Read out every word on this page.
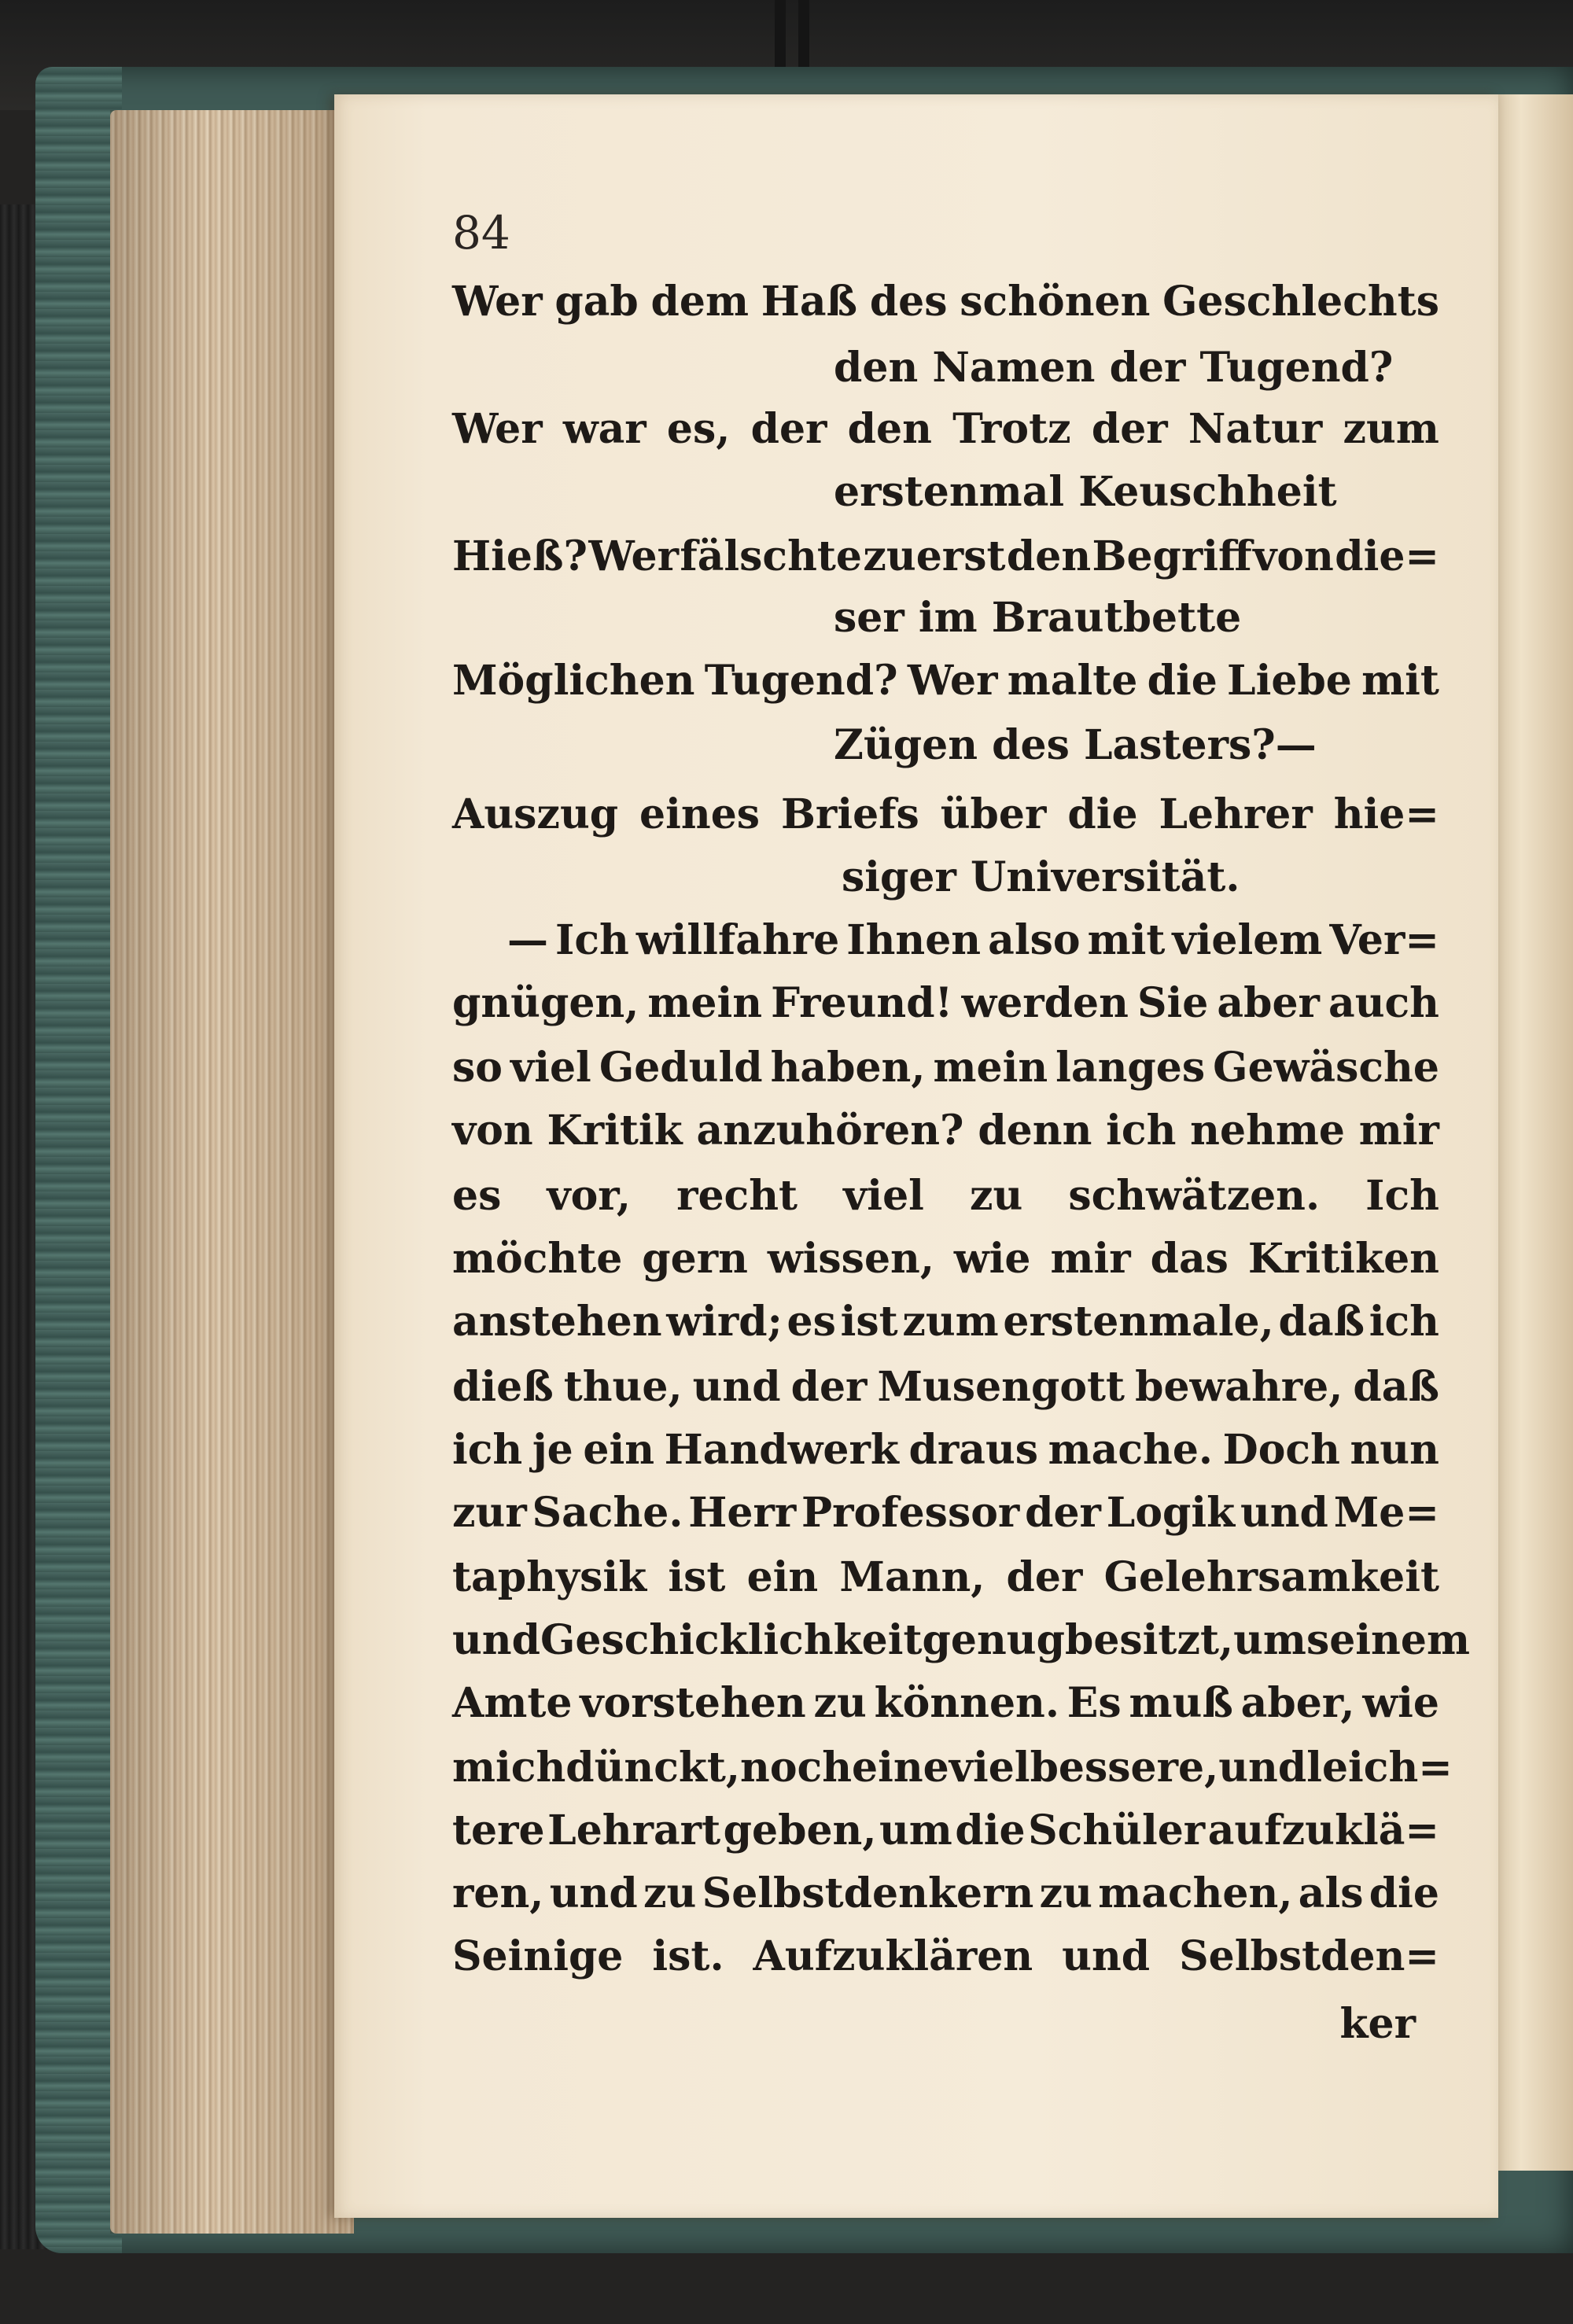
84
Wer gab dem Haß des schönen Geschlechts
den Namen der Tugend?
Wer war es, der den Trotz der Natur zum
erstenmal Keuschheit
Hieß? Wer fälschte zuerst den Begriff von die=
ser im Brautbette
Möglichen Tugend? Wer malte die Liebe mit
Zügen des Lasters?—
Auszug eines Briefs über die Lehrer hie=
siger Universität.
— Ich willfahre Ihnen also mit vielem Ver=
gnügen, mein Freund! werden Sie aber auch
so viel Geduld haben, mein langes Gewäsche
von Kritik anzuhören? denn ich nehme mir
es vor, recht viel zu schwätzen. Ich
möchte gern wissen, wie mir das Kritiken
anstehen wird; es ist zum erstenmale, daß ich
dieß thue, und der Musengott bewahre, daß
ich je ein Handwerk draus mache. Doch nun
zur Sache. Herr Professor der Logik und Me=
taphysik ist ein Mann, der Gelehrsamkeit
und Geschicklichkeit genug besitzt, um seinem
Amte vorstehen zu können. Es muß aber, wie
mich dünckt, noch eine viel bessere, und leich=
tere Lehrart geben, um die Schüler aufzuklä=
ren, und zu Selbstdenkern zu machen, als die
Seinige ist. Aufzuklären und Selbstden=
ker
